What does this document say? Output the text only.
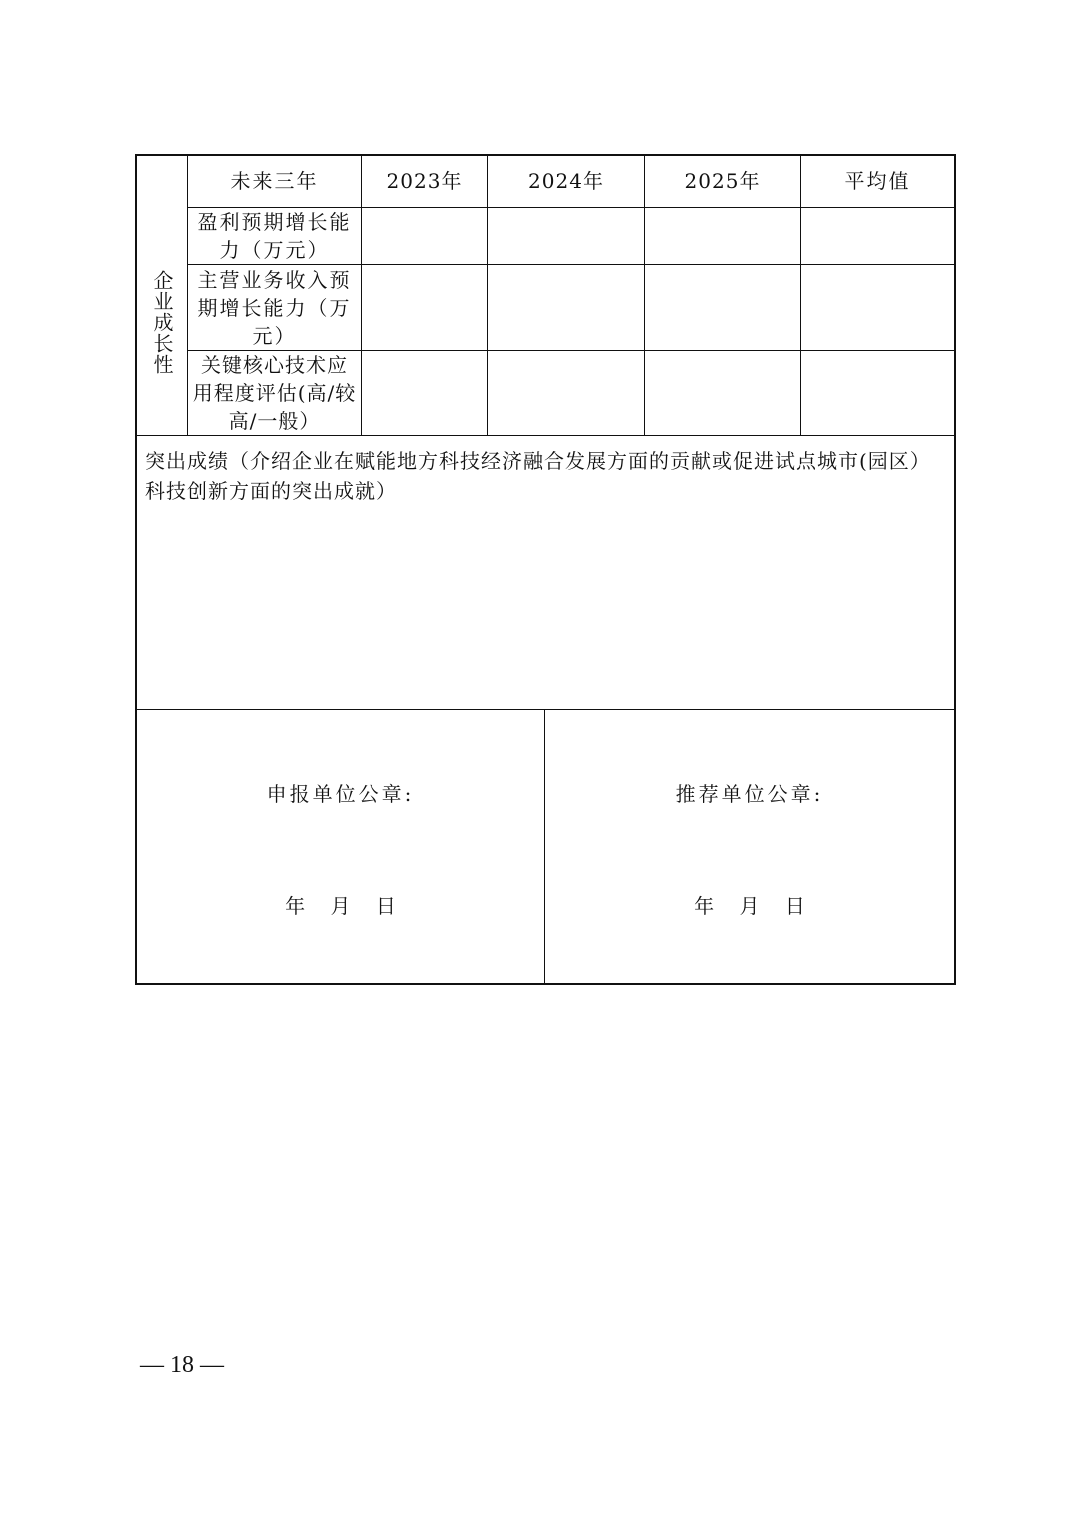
企业成长性
未来三年	2023年	2024年	2025年	平均值
盈利预期增长能力（万元）
主营业务收入预期增长能力（万元）
关键核心技术应用程度评估(高/较高/一般）
突出成绩（介绍企业在赋能地方科技经济融合发展方面的贡献或促进试点城市(园区）科技创新方面的突出成就）
申报单位公章:
年    月    日
推荐单位公章:
年    月    日
— 18 —
